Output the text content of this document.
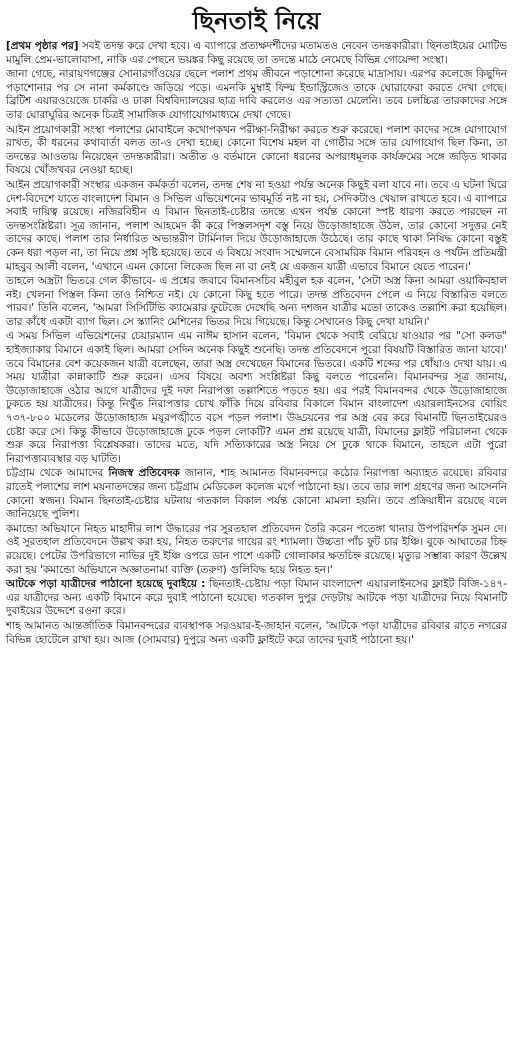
ছিনতাই নিয়ে

[প্রথম পৃষ্ঠার পর] সবই তদন্ত করে দেখা হবে। এ ব্যাপারে প্রত্যক্ষদর্শীদের মতামতও নেবেন তদন্তকারীরা। ছিনতাইয়ের মোটিভ মামুলি প্রেম-ভালোবাসা, নাকি এর পেছনে ভয়ঙ্কর কিছু রয়েছে তা তদন্তে মাঠে নেমেছে বিভিন্ন গোয়েন্দা সংস্থা।

জানা গেছে, নারায়ণগঞ্জের সোনারগাঁওয়ের ছেলে পলাশ প্রথম জীবনে পড়াশোনা করেছে মাদ্রাসায়। এরপর কলেজে কিছুদিন পড়াশোনার পর সে নানা কর্মকাণ্ডে জড়িয়ে পড়ে। এমনকি মুম্বাই ফিল্ম ইন্ডাস্ট্রিজেও তাকে ঘোরাফেরা করতে দেখা গেছে। ব্রিটিশ এয়ারওয়েজে চাকরি ও ঢাকা বিশ্ববিদ্যালয়ের ছাত্র দাবি করলেও এর সত্যতা মেলেনি। তবে চলচ্চিত্র তারকাদের সঙ্গে তার ঘোরাঘুরির অনেক চিত্রই সামাজিক যোগাযোগমাধ্যমে দেখা গেছে।

আইন প্রয়োগকারী সংস্থা পলাশের মোবাইলে কথোপকথন পরীক্ষা-নিরীক্ষা করতে শুরু করেছে। পলাশ কাদের সঙ্গে যোগাযোগ রাখত, কী ধরনের কথাবার্তা বলত তা-ও দেখা হচ্ছে। কোনো বিশেষ মহল বা গোষ্ঠীর সঙ্গে তার যোগাযোগ ছিল কিনা, তা তদন্তের আওতায় নিয়েছেন তদন্তকারীরা। অতীত ও বর্তমানে কোনো ধরনের অপরাধমূলক কার্যক্রমের সঙ্গে জড়িত থাকার বিষয়ে খোঁজখবর নেওয়া হচ্ছে।

আইন প্রয়োগকারী সংস্থার একজন কর্মকর্তা বলেন, তদন্ত শেষ না হওয়া পর্যন্ত অনেক কিছুই বলা যাবে না। তবে এ ঘটনা ঘিরে দেশ-বিদেশে যাতে বাংলাদেশ বিমান ও সিভিল এভিয়েশনের ভাবমূর্তি নষ্ট না হয়, সেদিকটাও খেয়াল রাখতে হবে। এ ব্যাপারে সবাই দায়িত্ব রয়েছে। নজিরবিহীন এ বিমান ছিনতাই-চেষ্টার তদন্তে এখন পর্যন্ত কোনো স্পষ্ট ধারণা করতে পারছেন না তদন্তসংশ্লিষ্টরা। সূত্র জানান, পলাশ আহমেদ কী করে পিস্তলসদৃশ বস্তু নিয়ে উড়োজাহাজে উঠল, তার কোনো সদুত্তর নেই তাদের কাছে। পলাশ তার নির্ধারিত অভ্যন্তরীণ টার্মিনাল দিয়ে উড়োজাহাজে উঠেছে। তার কাছে থাকা নিষিদ্ধ কোনো বস্তুই কেন ধরা পড়ল না, তা নিয়ে প্রশ্ন সৃষ্টি হয়েছে। তবে এ বিষয়ে সংবাদ সম্মেলনে বেসামরিক বিমান পরিবহন ও পর্যটন প্রতিমন্ত্রী মাহবুব আলী বলেন, 'এখানে এমন কোনো লিকেজ ছিল না বা নেই যে একজন যাত্রী এভাবে বিমানে যেতে পারেন।'

তাহলে অস্ত্রটা ভিতরে গেল কীভাবে- এ প্রশ্নের জবাবে বিমানসচিব মহীবুল হক বলেন, 'সেটা অস্ত্র কিনা আমরা ওয়াকিবহাল নই। খেলনা পিস্তল কিনা তাও নিশ্চিত নই। যে কোনো কিছু হতে পারে। তদন্ত প্রতিবেদন পেলে এ নিয়ে বিস্তারিত বলতে পারব।' তিনি বলেন, 'আমরা সিসিটিভি ক্যামেরার ফুটেজে দেখেছি অন্য দশজন যাত্রীর মতো তাকেও তল্লাশি করা হয়েছিল। তার কাঁধে একটা ব্যাগ ছিল। সে স্ক্যানিং মেশিনের ভিতর দিয়ে গিয়েছে। কিন্তু সেখানেও কিছু দেখা যায়নি।'

এ সময় সিভিল এভিয়েশনের চেয়ারম্যান এম নাঈম হাসান বলেন, 'বিমান থেকে সবাই বেরিয়ে যাওয়ার পর "সো কলড" হাইজ্যাকার বিমানে একাই ছিল। আমরা সেদিন অনেক কিছুই শুনেছি। তদন্ত প্রতিবেদনে পুরো বিষয়টি বিস্তারিত জানা যাবে।' তবে বিমানের বেশ কয়েকজন যাত্রী বলেছেন, তারা অস্ত্র দেখেছেন বিমানের ভিতরে। একটি শব্দের পর ধোঁয়াও দেখা যায়। এ সময় যাত্রীরা কান্নাকাটি শুরু করেন। এসব বিষয়ে অবশ্য সংশ্লিষ্টরা কিছু বলতে পারেননি। বিমানবন্দর সূত্র জানায়, উড়োজাহাজে ওঠার আগে যাত্রীদের দুই দফা নিরাপত্তা তল্লাশিতে পড়তে হয়। এর পরই বিমানবন্দর থেকে উড়োজাহাজে ঢুকতে হয় যাত্রীদের। কিন্তু নিখুঁত নিরাপত্তার চোখ ফাঁকি দিয়ে রবিবার বিকালে বিমান বাংলাদেশ এয়ারলাইনসের বোয়িং ৭৩৭-৮০০ মডেলের উড়োজাহাজ ময়ূরপঙ্খীতে বসে পড়ল পলাশ। উড্ডয়নের পর অস্ত্র বের করে বিমানটি ছিনতাইয়েরও চেষ্টা করে সে। কিন্তু কীভাবে উড়োজাহাজে ঢুকে পড়ল লোকটি? এমন প্রশ্ন রয়েছে যাত্রী, বিমানের ফ্লাইট পরিচালনা থেকে শুরু করে নিরাপত্তা বিশ্লেষকরা। তাদের মতে, যদি সত্যিকারের অস্ত্র নিয়ে সে ঢুকে থাকে বিমানে, তাহলে এটা পুরো নিরাপত্তাব্যবস্থার বড় ঘাটতি।

চট্টগ্রাম থেকে আমাদের নিজস্ব প্রতিবেদক জানান, শাহ আমানত বিমানবন্দরে কঠোর নিরাপত্তা অব্যাহত রয়েছে। রবিবার রাতেই পলাশের লাশ ময়নাতদন্তের জন্য চট্টগ্রাম মেডিকেল কলেজ মর্গে পাঠানো হয়। তবে তার লাশ গ্রহণের জন্য আসেননি কোনো স্বজন। বিমান ছিনতাই-চেষ্টার ঘটনায় গতকাল বিকাল পর্যন্ত কোনো মামলা হয়নি। তবে প্রক্রিয়াধীন রয়েছে বলে জানিয়েছে পুলিশ।

কমান্ডো অভিযানে নিহত মাহাদীর লাশ উদ্ধারের পর সুরতহাল প্রতিবেদন তৈরি করেন পতেঙ্গা থানার উপপরিদর্শক সুমন দে। ওই সুরতহাল প্রতিবেদনে উল্লখ করা হয়, নিহত তরুণের গায়ের রং শ্যামলা। উচ্চতা পাঁচ ফুট চার ইঞ্চি। বুকে আঘাতের চিহ্ন রয়েছে। পেটের উপরিভাগে নাভির দুই ইঞ্চি ওপরে ডান পাশে একটি গোলাকার ক্ষতচিহ্ন রয়েছে। মৃত্যুর সম্ভাব্য কারণ উল্লেখ করা হয় 'কমান্ডো অভিযানে অজ্ঞাতনামা ব্যক্তি (তরুণ) গুলিবিদ্ধ হয়ে নিহত হন।'

আটকে পড়া যাত্রীদের পাঠানো হয়েছে দুবাইয়ে : ছিনতাই-চেষ্টায় পড়া বিমান বাংলাদেশ এয়ারলাইনসের ফ্লাইট বিজি-১৪৭-এর যাত্রীদের অন্য একটি বিমানে করে দুবাই পাঠানো হয়েছে। গতকাল দুপুর দেড়টায় আটকে পড়া যাত্রীদের নিয়ে বিমানটি দুবাইয়ের উদ্দেশে রওনা করে।

শাহ আমানত আন্তর্জাতিক বিমানবন্দরের ব্যবস্থাপক সরওয়ার-ই-জাহান বলেন, 'আটকে পড়া যাত্রীদের রবিবার রাতে নগরের বিভিন্ন হোটেলে রাখা হয়। আজ (সোমবার) দুপুরে অন্য একটি ফ্লাইটে করে তাদের দুবাই পাঠানো হয়।'
